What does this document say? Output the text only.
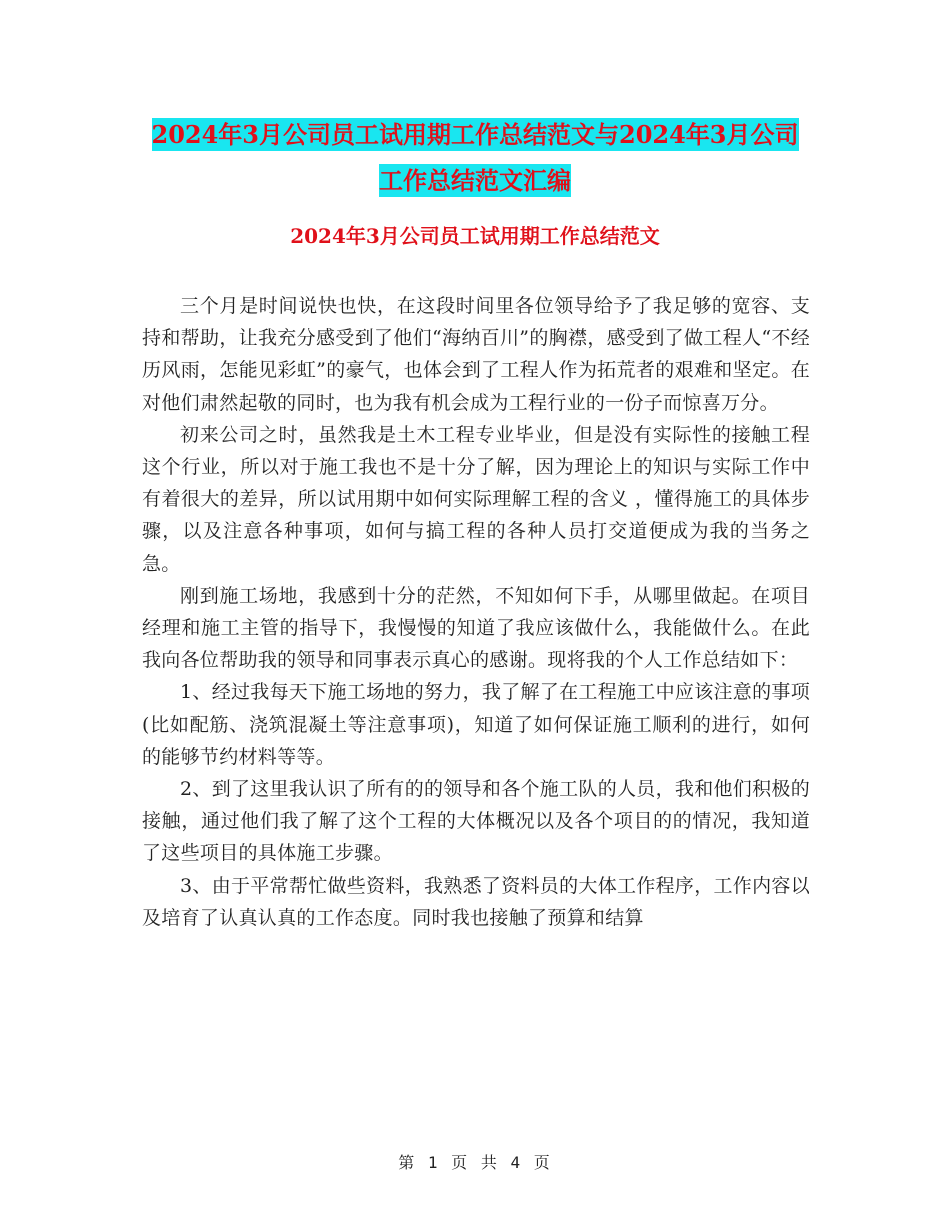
2024年3月公司员工试用期工作总结范文与2024年3月公司工作总结范文汇编
2024年3月公司员工试用期工作总结范文

三个月是时间说快也快，在这段时间里各位领导给予了我足够的宽容、支持和帮助，让我充分感受到了他们“海纳百川”的胸襟，感受到了做工程人“不经历风雨，怎能见彩虹”的豪气，也体会到了工程人作为拓荒者的艰难和坚定。在对他们肃然起敬的同时，也为我有机会成为工程行业的一份子而惊喜万分。

初来公司之时，虽然我是土木工程专业毕业，但是没有实际性的接触工程这个行业，所以对于施工我也不是十分了解，因为理论上的知识与实际工作中有着很大的差异，所以试用期中如何实际理解工程的含义 ，懂得施工的具体步骤，以及注意各种事项，如何与搞工程的各种人员打交道便成为我的当务之急。

刚到施工场地，我感到十分的茫然，不知如何下手，从哪里做起。在项目经理和施工主管的指导下，我慢慢的知道了我应该做什么，我能做什么。在此我向各位帮助我的领导和同事表示真心的感谢。现将我的个人工作总结如下：

1、经过我每天下施工场地的努力，我了解了在工程施工中应该注意的事项(比如配筋、浇筑混凝土等注意事项)，知道了如何保证施工顺利的进行，如何的能够节约材料等等。

2、到了这里我认识了所有的的领导和各个施工队的人员，我和他们积极的接触，通过他们我了解了这个工程的大体概况以及各个项目的的情况，我知道了这些项目的具体施工步骤。

3、由于平常帮忙做些资料，我熟悉了资料员的大体工作程序，工作内容以及培育了认真认真的工作态度。同时我也接触了预算和结算

第 1 页 共 4 页
